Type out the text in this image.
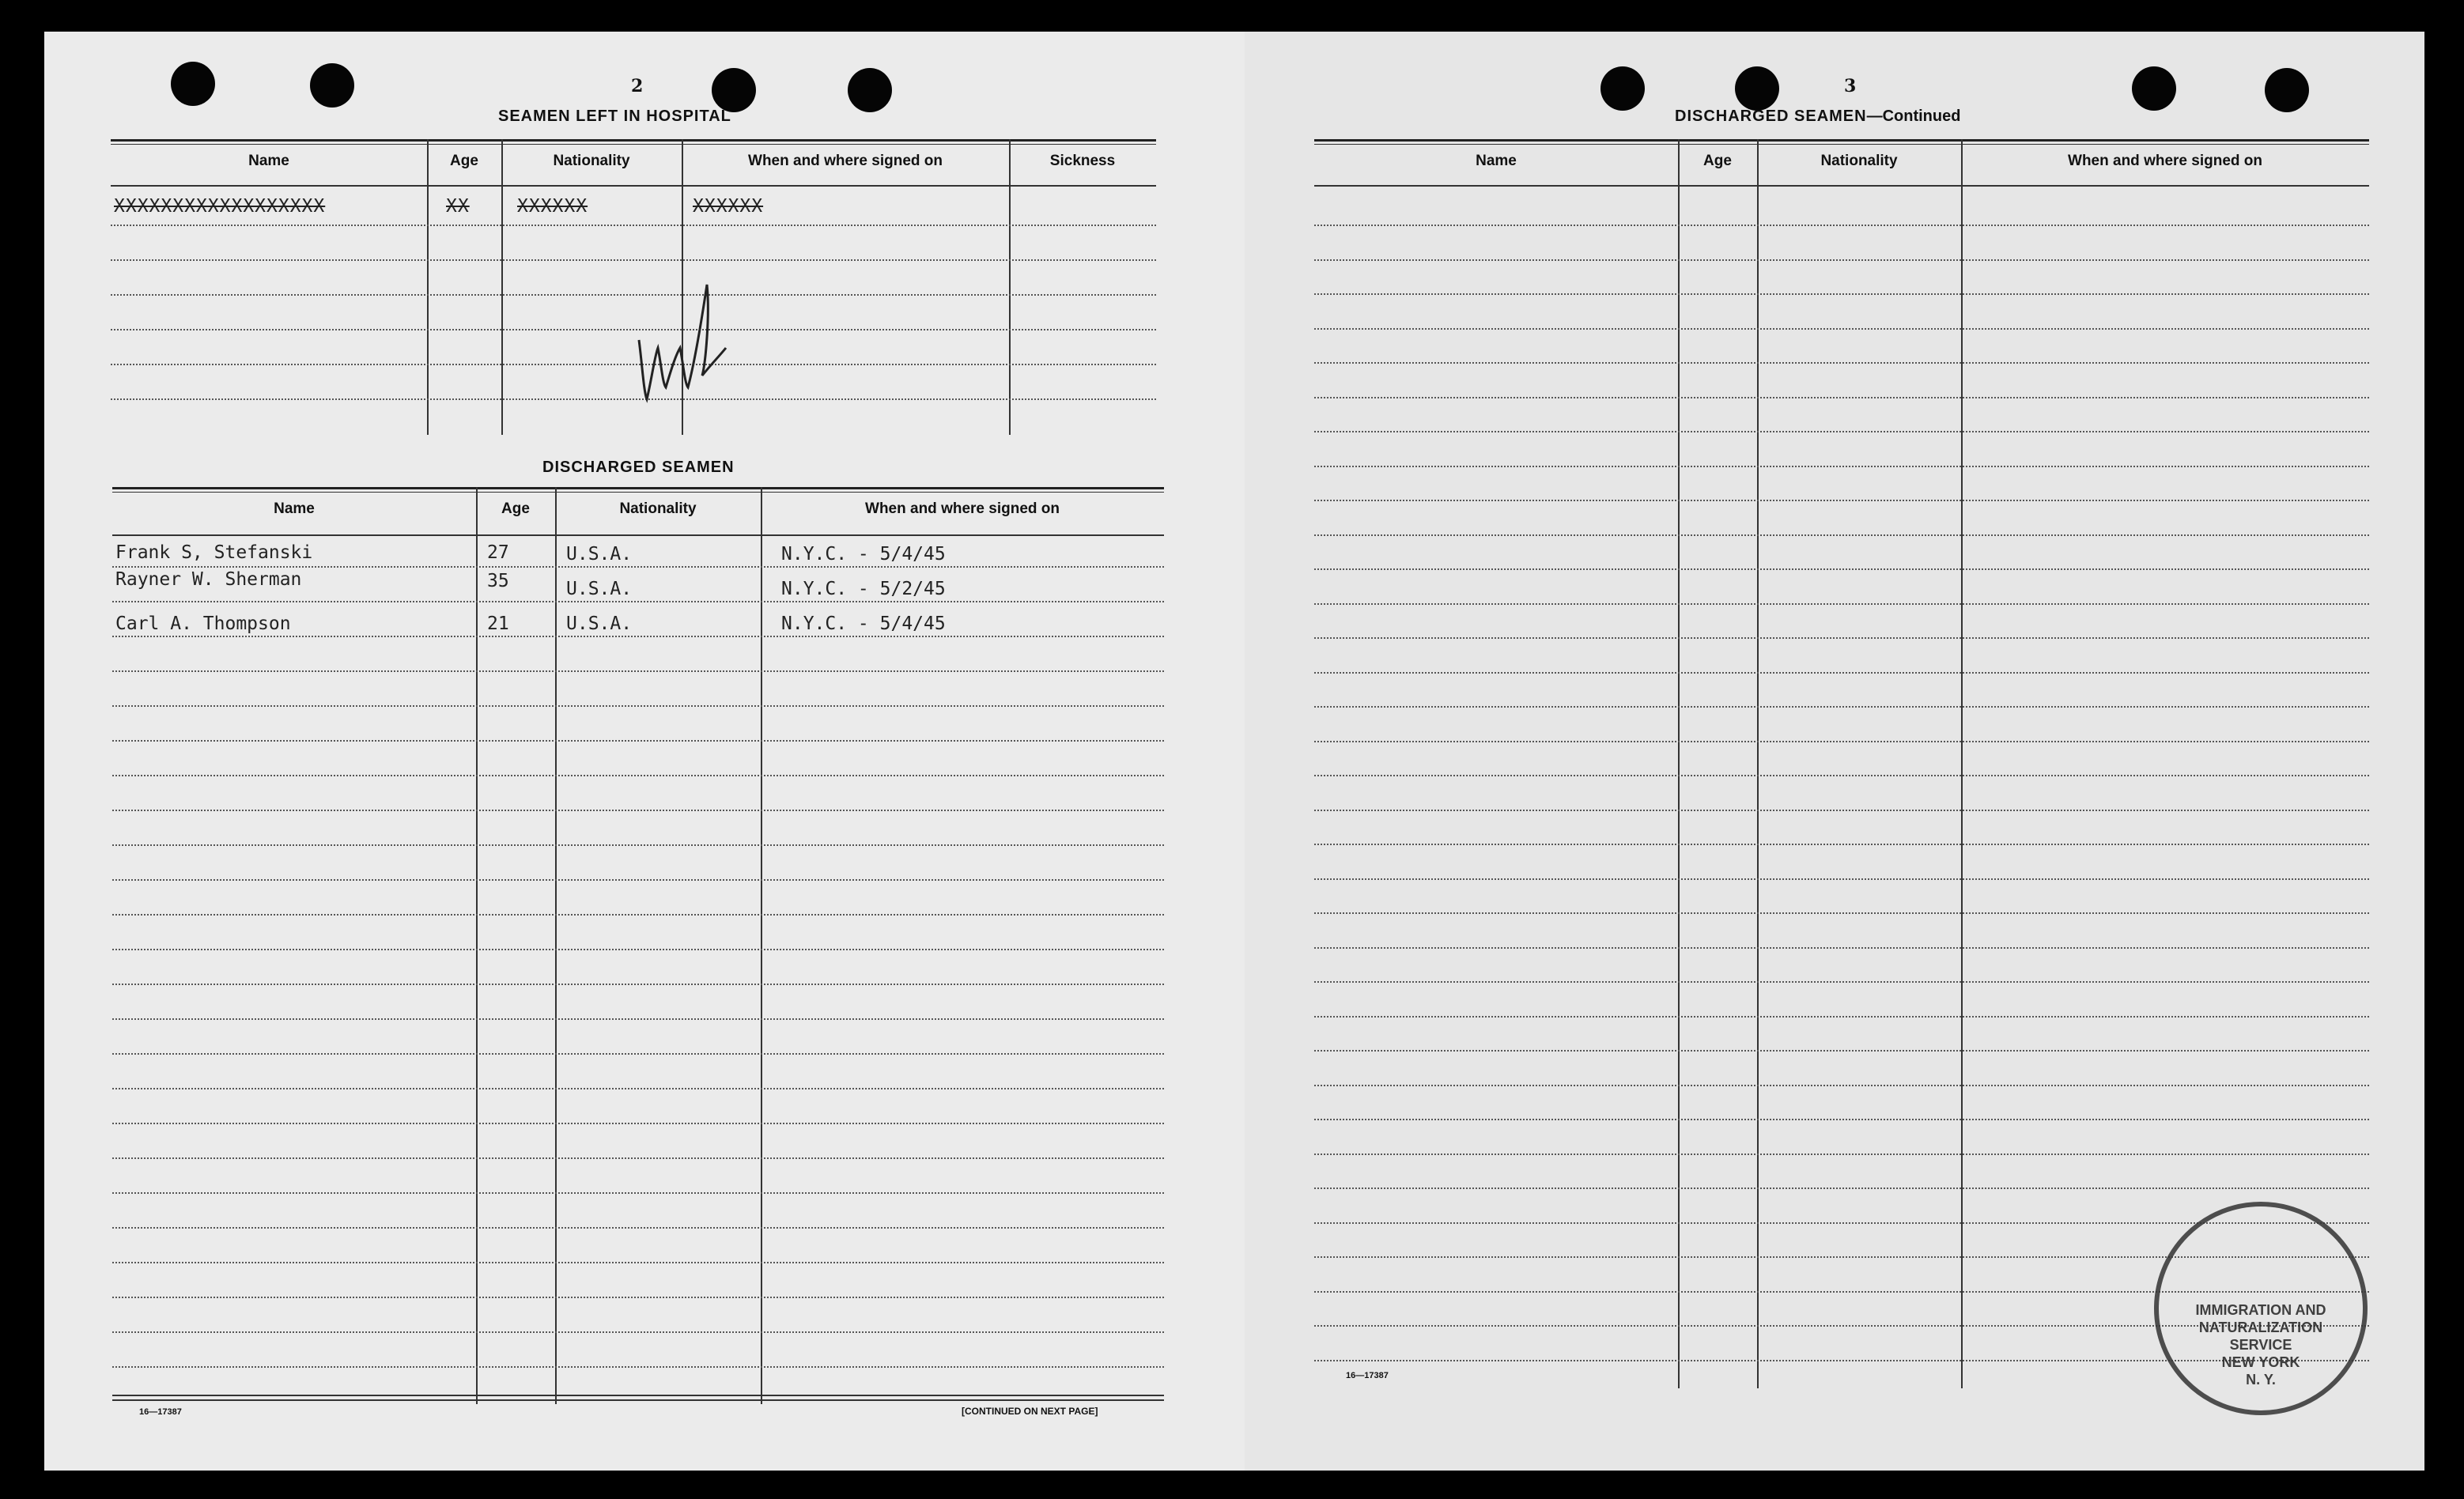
2
SEAMEN LEFT IN HOSPITAL
Name	Age	Nationality	When and where signed on	Sickness
XXXXXXXXXXXXXXXXXX	XX	XXXXXX	XXXXXX
DISCHARGED SEAMEN
Name	Age	Nationality	When and where signed on
Frank S, Stefanski	27	U.S.A.	N.Y.C. - 5/4/45
Rayner W. Sherman	35	U.S.A.	N.Y.C. - 5/2/45
Carl A. Thompson	21	U.S.A.	N.Y.C. - 5/4/45
16—17387	[CONTINUED ON NEXT PAGE]
3
DISCHARGED SEAMEN—Continued
Name	Age	Nationality	When and where signed on
16—17387
IMMIGRATION AND
NATURALIZATION
SERVICE
NEW YORK
N. Y.
